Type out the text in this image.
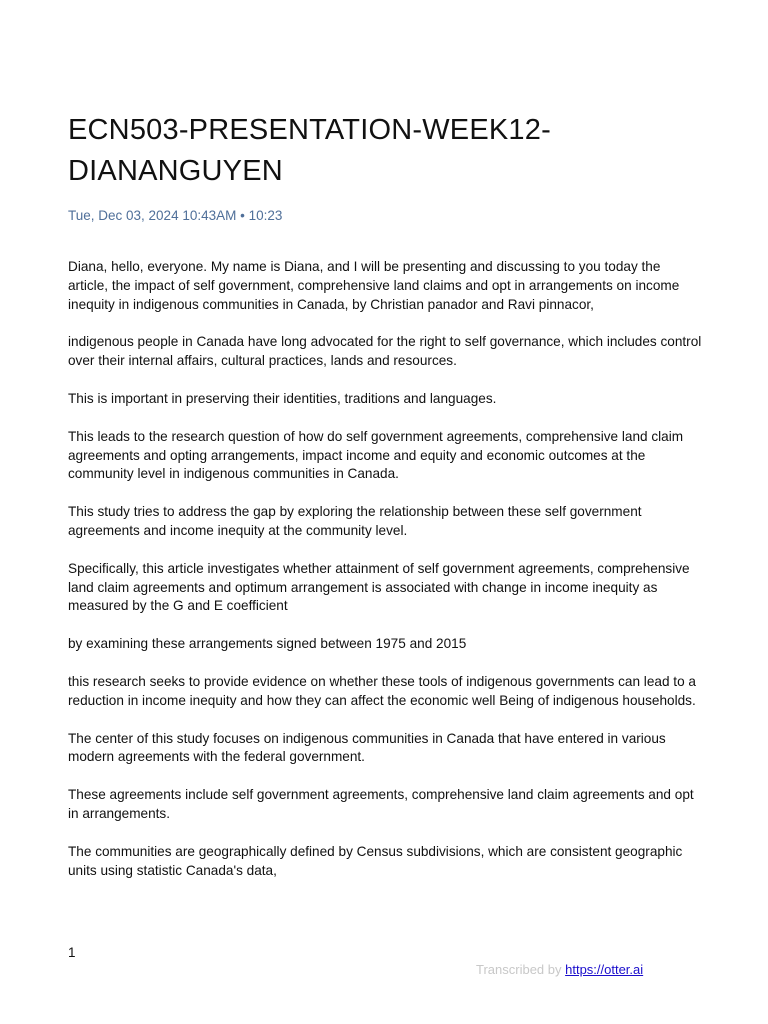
ECN503-PRESENTATION-WEEK12-DIANANGUYEN
Tue, Dec 03, 2024 10:43AM • 10:23

Diana, hello, everyone. My name is Diana, and I will be presenting and discussing to you today the article, the impact of self government, comprehensive land claims and opt in arrangements on income inequity in indigenous communities in Canada, by Christian panador and Ravi pinnacor,

indigenous people in Canada have long advocated for the right to self governance, which includes control over their internal affairs, cultural practices, lands and resources.

This is important in preserving their identities, traditions and languages.

This leads to the research question of how do self government agreements, comprehensive land claim agreements and opting arrangements, impact income and equity and economic outcomes at the community level in indigenous communities in Canada.

This study tries to address the gap by exploring the relationship between these self government agreements and income inequity at the community level.

Specifically, this article investigates whether attainment of self government agreements, comprehensive land claim agreements and optimum arrangement is associated with change in income inequity as measured by the G and E coefficient

by examining these arrangements signed between 1975 and 2015

this research seeks to provide evidence on whether these tools of indigenous governments can lead to a reduction in income inequity and how they can affect the economic well Being of indigenous households.

The center of this study focuses on indigenous communities in Canada that have entered in various modern agreements with the federal government.

These agreements include self government agreements, comprehensive land claim agreements and opt in arrangements.

The communities are geographically defined by Census subdivisions, which are consistent geographic units using statistic Canada's data,

1
Transcribed by https://otter.ai
